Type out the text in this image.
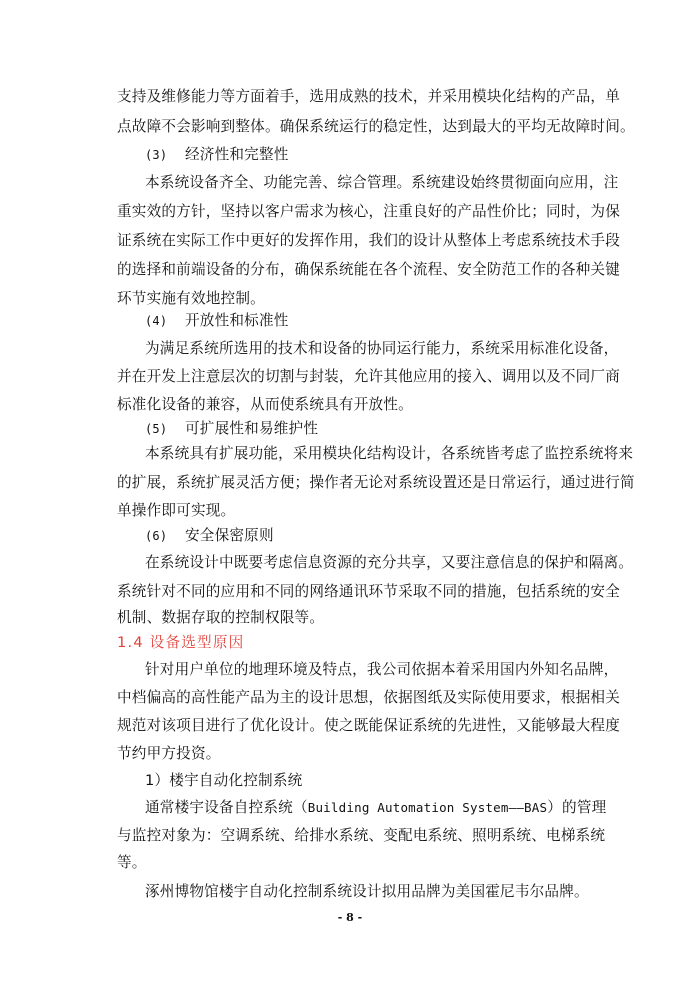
支持及维修能力等方面着手，选用成熟的技术，并采用模块化结构的产品，单
点故障不会影响到整体。确保系统运行的稳定性，达到最大的平均无故障时间。
(3) 经济性和完整性
本系统设备齐全、功能完善、综合管理。系统建设始终贯彻面向应用，注
重实效的方针，坚持以客户需求为核心，注重良好的产品性价比；同时，为保
证系统在实际工作中更好的发挥作用，我们的设计从整体上考虑系统技术手段
的选择和前端设备的分布，确保系统能在各个流程、安全防范工作的各种关键
环节实施有效地控制。
(4) 开放性和标准性
为满足系统所选用的技术和设备的协同运行能力，系统采用标准化设备，
并在开发上注意层次的切割与封装，允许其他应用的接入、调用以及不同厂商
标准化设备的兼容，从而使系统具有开放性。
(5) 可扩展性和易维护性
本系统具有扩展功能，采用模块化结构设计，各系统皆考虑了监控系统将来
的扩展，系统扩展灵活方便；操作者无论对系统设置还是日常运行，通过进行简
单操作即可实现。
(6) 安全保密原则
在系统设计中既要考虑信息资源的充分共享，又要注意信息的保护和隔离。
系统针对不同的应用和不同的网络通讯环节采取不同的措施，包括系统的安全
机制、数据存取的控制权限等。
1.4 设备选型原因
针对用户单位的地理环境及特点，我公司依据本着采用国内外知名品牌，
中档偏高的高性能产品为主的设计思想，依据图纸及实际使用要求，根据相关
规范对该项目进行了优化设计。使之既能保证系统的先进性，又能够最大程度
节约甲方投资。
1）楼宇自动化控制系统
通常楼宇设备自控系统（Building Automation System——BAS）的管理
与监控对象为：空调系统、给排水系统、变配电系统、照明系统、电梯系统
等。
涿州博物馆楼宇自动化控制系统设计拟用品牌为美国霍尼韦尔品牌。
- 8 -
